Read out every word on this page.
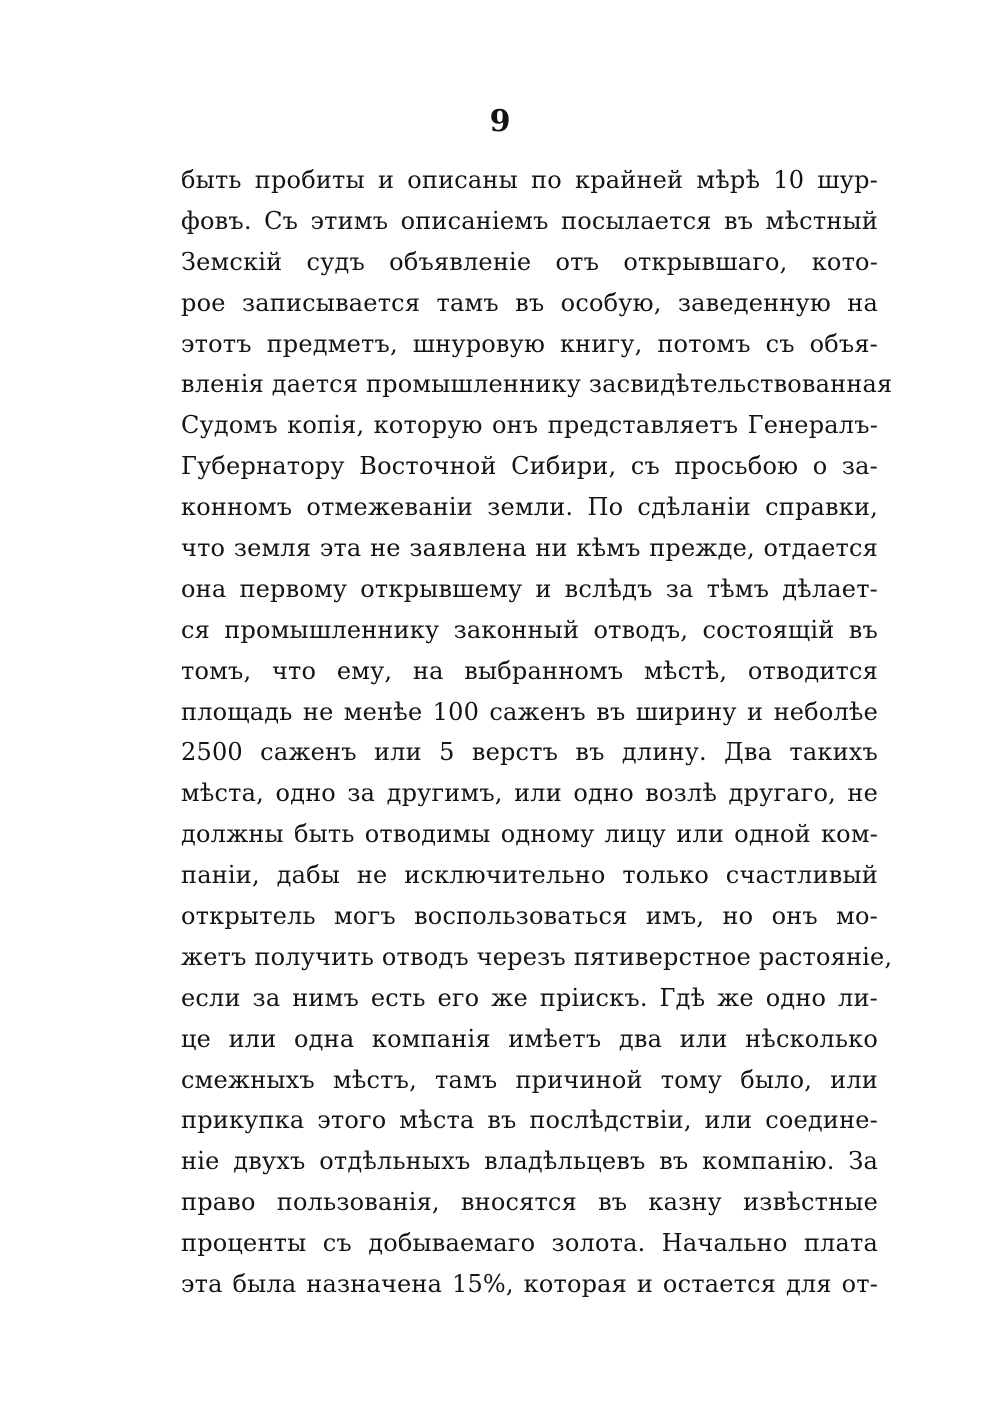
9
быть пробиты и описаны по крайней мѣрѣ 10 шур-
фовъ. Съ этимъ описанiемъ посылается въ мѣстный
Земскiй судъ объявленiе отъ открывшаго, кото-
рое записывается тамъ въ особую, заведенную на
этотъ предметъ, шнуровую книгу, потомъ съ объя-
вленiя дается промышленнику засвидѣтельствованная
Судомъ копiя, которую онъ представляетъ Генералъ-
Губернатору Восточной Сибири, съ просьбою о за-
конномъ отмежеванiи земли. По сдѣланiи справки,
что земля эта не заявлена ни кѣмъ прежде, отдается
она первому открывшему и вслѣдъ за тѣмъ дѣлает-
ся промышленнику законный отводъ, состоящiй въ
томъ, что ему, на выбранномъ мѣстѣ, отводится
площадь не менѣе 100 саженъ въ ширину и неболѣе
2500 саженъ или 5 верстъ въ длину. Два такихъ
мѣста, одно за другимъ, или одно возлѣ другаго, не
должны быть отводимы одному лицу или одной ком-
панiи, дабы не исключительно только счастливый
открытель могъ воспользоваться имъ, но онъ мо-
жетъ получить отводъ черезъ пятиверстное растоянiе,
если за нимъ есть его же прiискъ. Гдѣ же одно ли-
це или одна компанiя имѣетъ два или нѣсколько
смежныхъ мѣстъ, тамъ причиной тому было, или
прикупка этого мѣста въ послѣдствiи, или соедине-
нiе двухъ отдѣльныхъ владѣльцевъ въ компанiю. За
право пользованiя, вносятся въ казну извѣстные
проценты съ добываемаго золота. Начально плата
эта была назначена 15%, которая и остается для от-
